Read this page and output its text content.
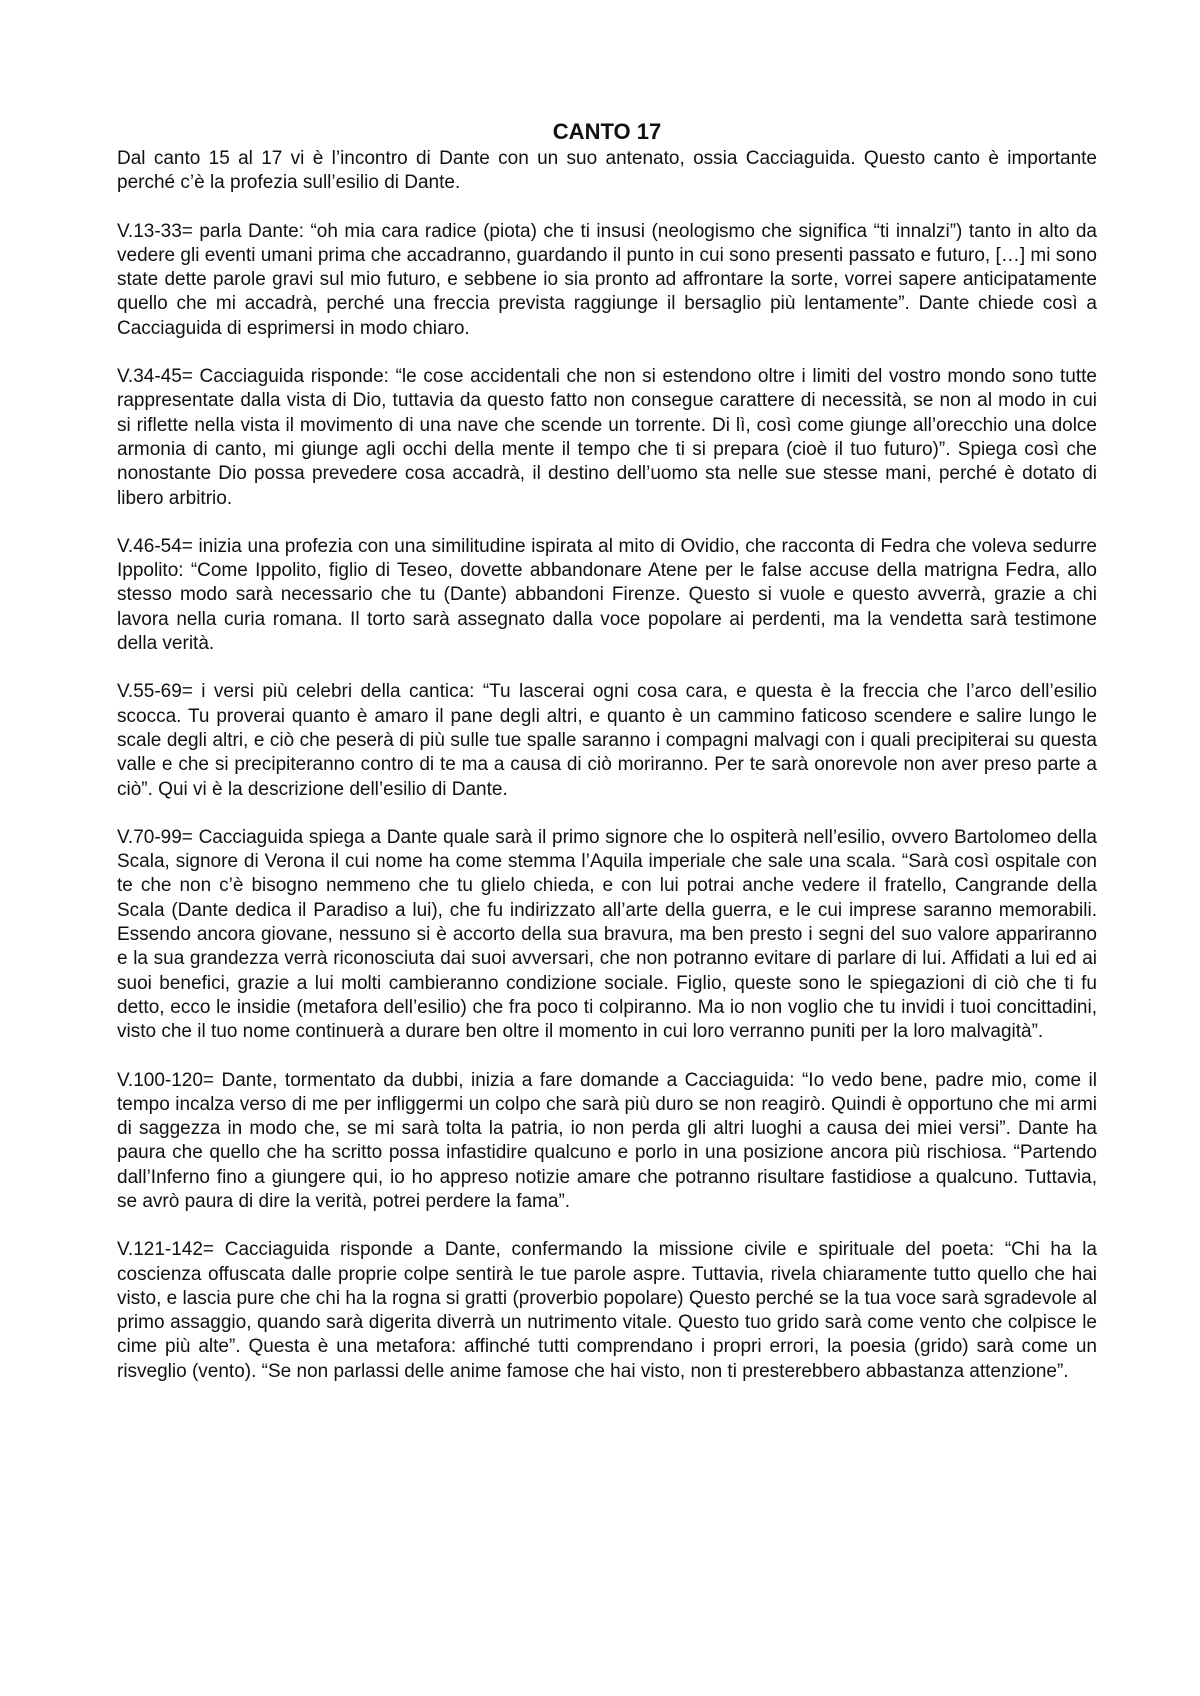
CANTO 17

Dal canto 15 al 17 vi è l’incontro di Dante con un suo antenato, ossia Cacciaguida. Questo canto è importante perché c’è la profezia sull’esilio di Dante.

V.13-33= parla Dante: “oh mia cara radice (piota) che ti insusi (neologismo che significa “ti innalzi”) tanto in alto da vedere gli eventi umani prima che accadranno, guardando il punto in cui sono presenti passato e futuro, […] mi sono state dette parole gravi sul mio futuro, e sebbene io sia pronto ad affrontare la sorte, vorrei sapere anticipatamente quello che mi accadrà, perché una freccia prevista raggiunge il bersaglio più lentamente”. Dante chiede così a Cacciaguida di esprimersi in modo chiaro.

V.34-45= Cacciaguida risponde: “le cose accidentali che non si estendono oltre i limiti del vostro mondo sono tutte rappresentate dalla vista di Dio, tuttavia da questo fatto non consegue carattere di necessità, se non al modo in cui si riflette nella vista il movimento di una nave che scende un torrente. Di lì, così come giunge all’orecchio una dolce armonia di canto, mi giunge agli occhi della mente il tempo che ti si prepara (cioè il tuo futuro)”. Spiega così che nonostante Dio possa prevedere cosa accadrà, il destino dell’uomo sta nelle sue stesse mani, perché è dotato di libero arbitrio.

V.46-54= inizia una profezia con una similitudine ispirata al mito di Ovidio, che racconta di Fedra che voleva sedurre Ippolito: “Come Ippolito, figlio di Teseo, dovette abbandonare Atene per le false accuse della matrigna Fedra, allo stesso modo sarà necessario che tu (Dante) abbandoni Firenze. Questo si vuole e questo avverrà, grazie a chi lavora nella curia romana. Il torto sarà assegnato dalla voce popolare ai perdenti, ma la vendetta sarà testimone della verità.

V.55-69= i versi più celebri della cantica: “Tu lascerai ogni cosa cara, e questa è la freccia che l’arco dell’esilio scocca. Tu proverai quanto è amaro il pane degli altri, e quanto è un cammino faticoso scendere e salire lungo le scale degli altri, e ciò che peserà di più sulle tue spalle saranno i compagni malvagi con i quali precipiterai su questa valle e che si precipiteranno contro di te ma a causa di ciò moriranno. Per te sarà onorevole non aver preso parte a ciò”. Qui vi è la descrizione dell’esilio di Dante.

V.70-99= Cacciaguida spiega a Dante quale sarà il primo signore che lo ospiterà nell’esilio, ovvero Bartolomeo della Scala, signore di Verona il cui nome ha come stemma l’Aquila imperiale che sale una scala. “Sarà così ospitale con te che non c’è bisogno nemmeno che tu glielo chieda, e con lui potrai anche vedere il fratello, Cangrande della Scala (Dante dedica il Paradiso a lui), che fu indirizzato all’arte della guerra, e le cui imprese saranno memorabili. Essendo ancora giovane, nessuno si è accorto della sua bravura, ma ben presto i segni del suo valore appariranno e la sua grandezza verrà riconosciuta dai suoi avversari, che non potranno evitare di parlare di lui. Affidati a lui ed ai suoi benefici, grazie a lui molti cambieranno condizione sociale. Figlio, queste sono le spiegazioni di ciò che ti fu detto, ecco le insidie (metafora dell’esilio) che fra poco ti colpiranno. Ma io non voglio che tu invidi i tuoi concittadini, visto che il tuo nome continuerà a durare ben oltre il momento in cui loro verranno puniti per la loro malvagità”.

V.100-120= Dante, tormentato da dubbi, inizia a fare domande a Cacciaguida: “Io vedo bene, padre mio, come il tempo incalza verso di me per infliggermi un colpo che sarà più duro se non reagirò. Quindi è opportuno che mi armi di saggezza in modo che, se mi sarà tolta la patria, io non perda gli altri luoghi a causa dei miei versi”. Dante ha paura che quello che ha scritto possa infastidire qualcuno e porlo in una posizione ancora più rischiosa. “Partendo dall’Inferno fino a giungere qui, io ho appreso notizie amare che potranno risultare fastidiose a qualcuno. Tuttavia, se avrò paura di dire la verità, potrei perdere la fama”.

V.121-142= Cacciaguida risponde a Dante, confermando la missione civile e spirituale del poeta: “Chi ha la coscienza offuscata dalle proprie colpe sentirà le tue parole aspre. Tuttavia, rivela chiaramente tutto quello che hai visto, e lascia pure che chi ha la rogna si gratti (proverbio popolare) Questo perché se la tua voce sarà sgradevole al primo assaggio, quando sarà digerita diverrà un nutrimento vitale. Questo tuo grido sarà come vento che colpisce le cime più alte”. Questa è una metafora: affinché tutti comprendano i propri errori, la poesia (grido) sarà come un risveglio (vento). “Se non parlassi delle anime famose che hai visto, non ti presterebbero abbastanza attenzione”.
